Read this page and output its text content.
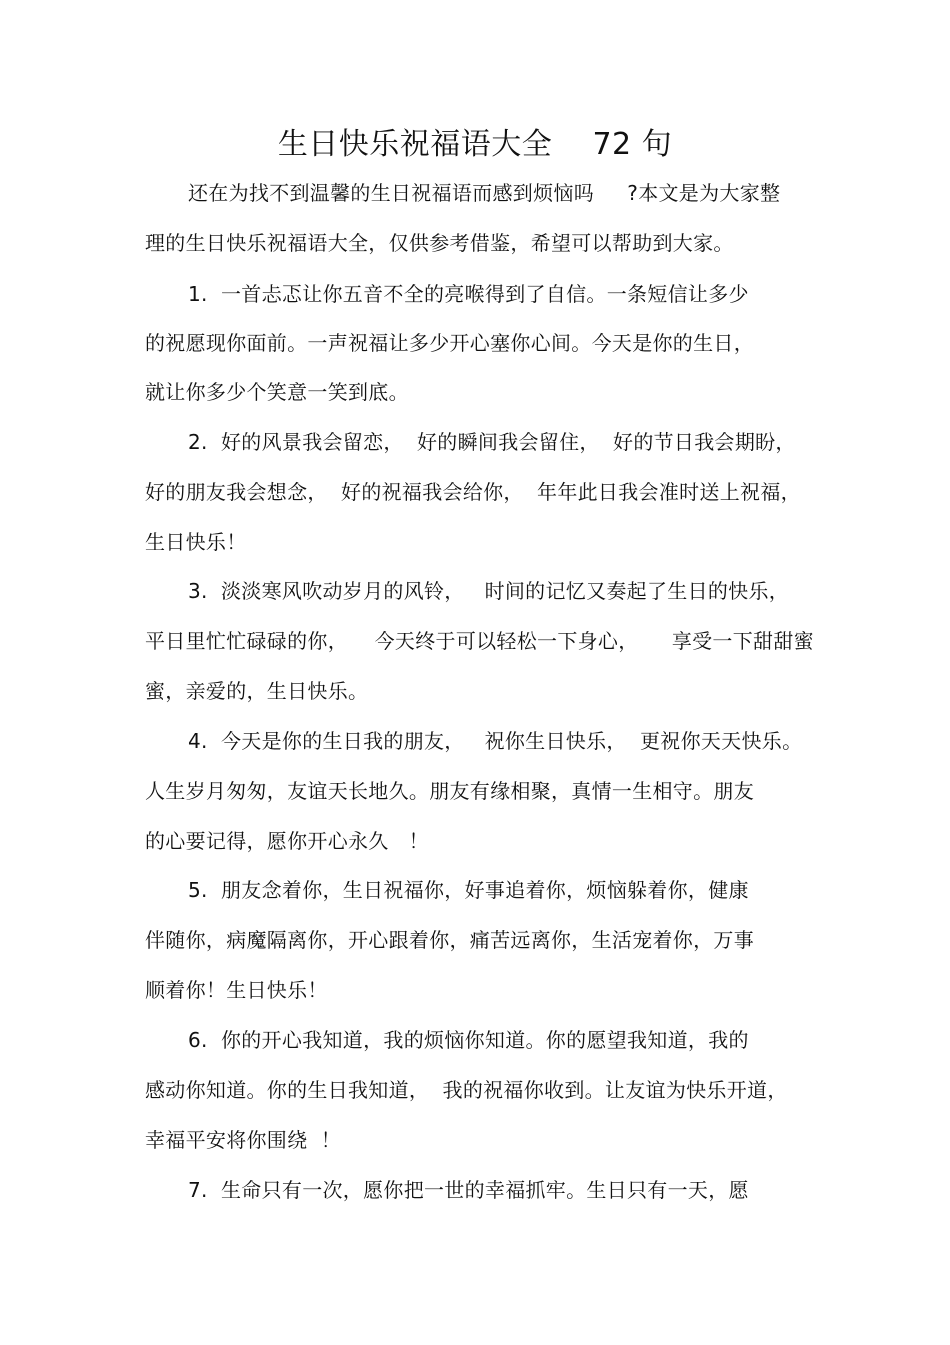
生日快乐祝福语大全    72 句
还在为找不到温馨的生日祝福语而感到烦恼吗     ?本文是为大家整
理的生日快乐祝福语大全，仅供参考借鉴，希望可以帮助到大家。
1.  一首忐忑让你五音不全的亮喉得到了自信。一条短信让多少
的祝愿现你面前。一声祝福让多少开心塞你心间。今天是你的生日，
就让你多少个笑意一笑到底。
2.  好的风景我会留恋，  好的瞬间我会留住，  好的节日我会期盼，
好的朋友我会想念，  好的祝福我会给你，  年年此日我会准时送上祝福，
生日快乐！
3.  淡淡寒风吹动岁月的风铃，   时间的记忆又奏起了生日的快乐，
平日里忙忙碌碌的你，    今天终于可以轻松一下身心，     享受一下甜甜蜜
蜜，亲爱的，生日快乐。
4.  今天是你的生日我的朋友，   祝你生日快乐，  更祝你天天快乐。
人生岁月匆匆，友谊天长地久。朋友有缘相聚，真情一生相守。朋友
的心要记得，愿你开心永久   ！
5.  朋友念着你，生日祝福你，好事追着你，烦恼躲着你，健康
伴随你，病魔隔离你，开心跟着你，痛苦远离你，生活宠着你，万事
顺着你！生日快乐！
6.  你的开心我知道，我的烦恼你知道。你的愿望我知道，我的
感动你知道。你的生日我知道，  我的祝福你收到。让友谊为快乐开道，
幸福平安将你围绕  ！
7.  生命只有一次，愿你把一世的幸福抓牢。生日只有一天，愿
